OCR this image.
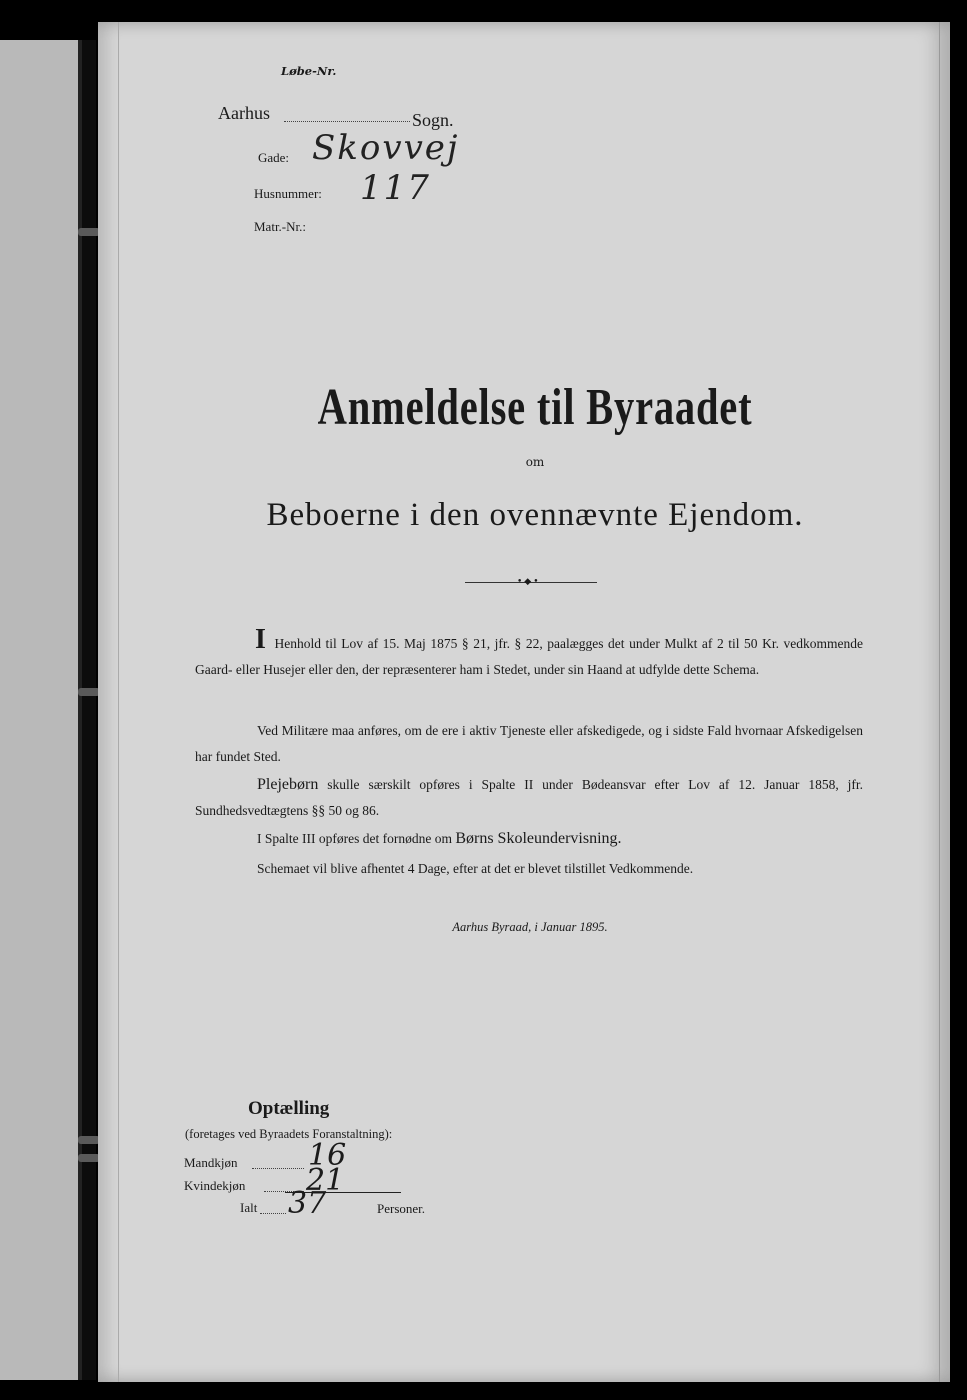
Løbe-Nr.
Aarhus	Sogn.
Gade: Skovvej
Husnummer: 117
Matr.-Nr.:
Anmeldelse til Byraadet
om
Beboerne i den ovennævnte Ejendom.
•◆•
I Henhold til Lov af 15. Maj 1875 § 21, jfr. § 22, paalægges det under Mulkt af 2 til 50 Kr. vedkommende Gaard- eller Husejer eller den, der repræsenterer ham i Stedet, under sin Haand at udfylde dette Schema.
Ved Militære maa anføres, om de ere i aktiv Tjeneste eller afskedigede, og i sidste Fald hvornaar Afskedigelsen har fundet Sted.
Plejebørn skulle særskilt opføres i Spalte II under Bødeansvar efter Lov af 12. Januar 1858, jfr. Sundhedsvedtægtens §§ 50 og 86.
I Spalte III opføres det fornødne om Børns Skoleundervisning.
Schemaet vil blive afhentet 4 Dage, efter at det er blevet tilstillet Vedkommende.
Aarhus Byraad, i Januar 1895.
Optælling
(foretages ved Byraadets Foranstaltning):
Mandkjøn 16
Kvindekjøn 21
Ialt 37	Personer.
